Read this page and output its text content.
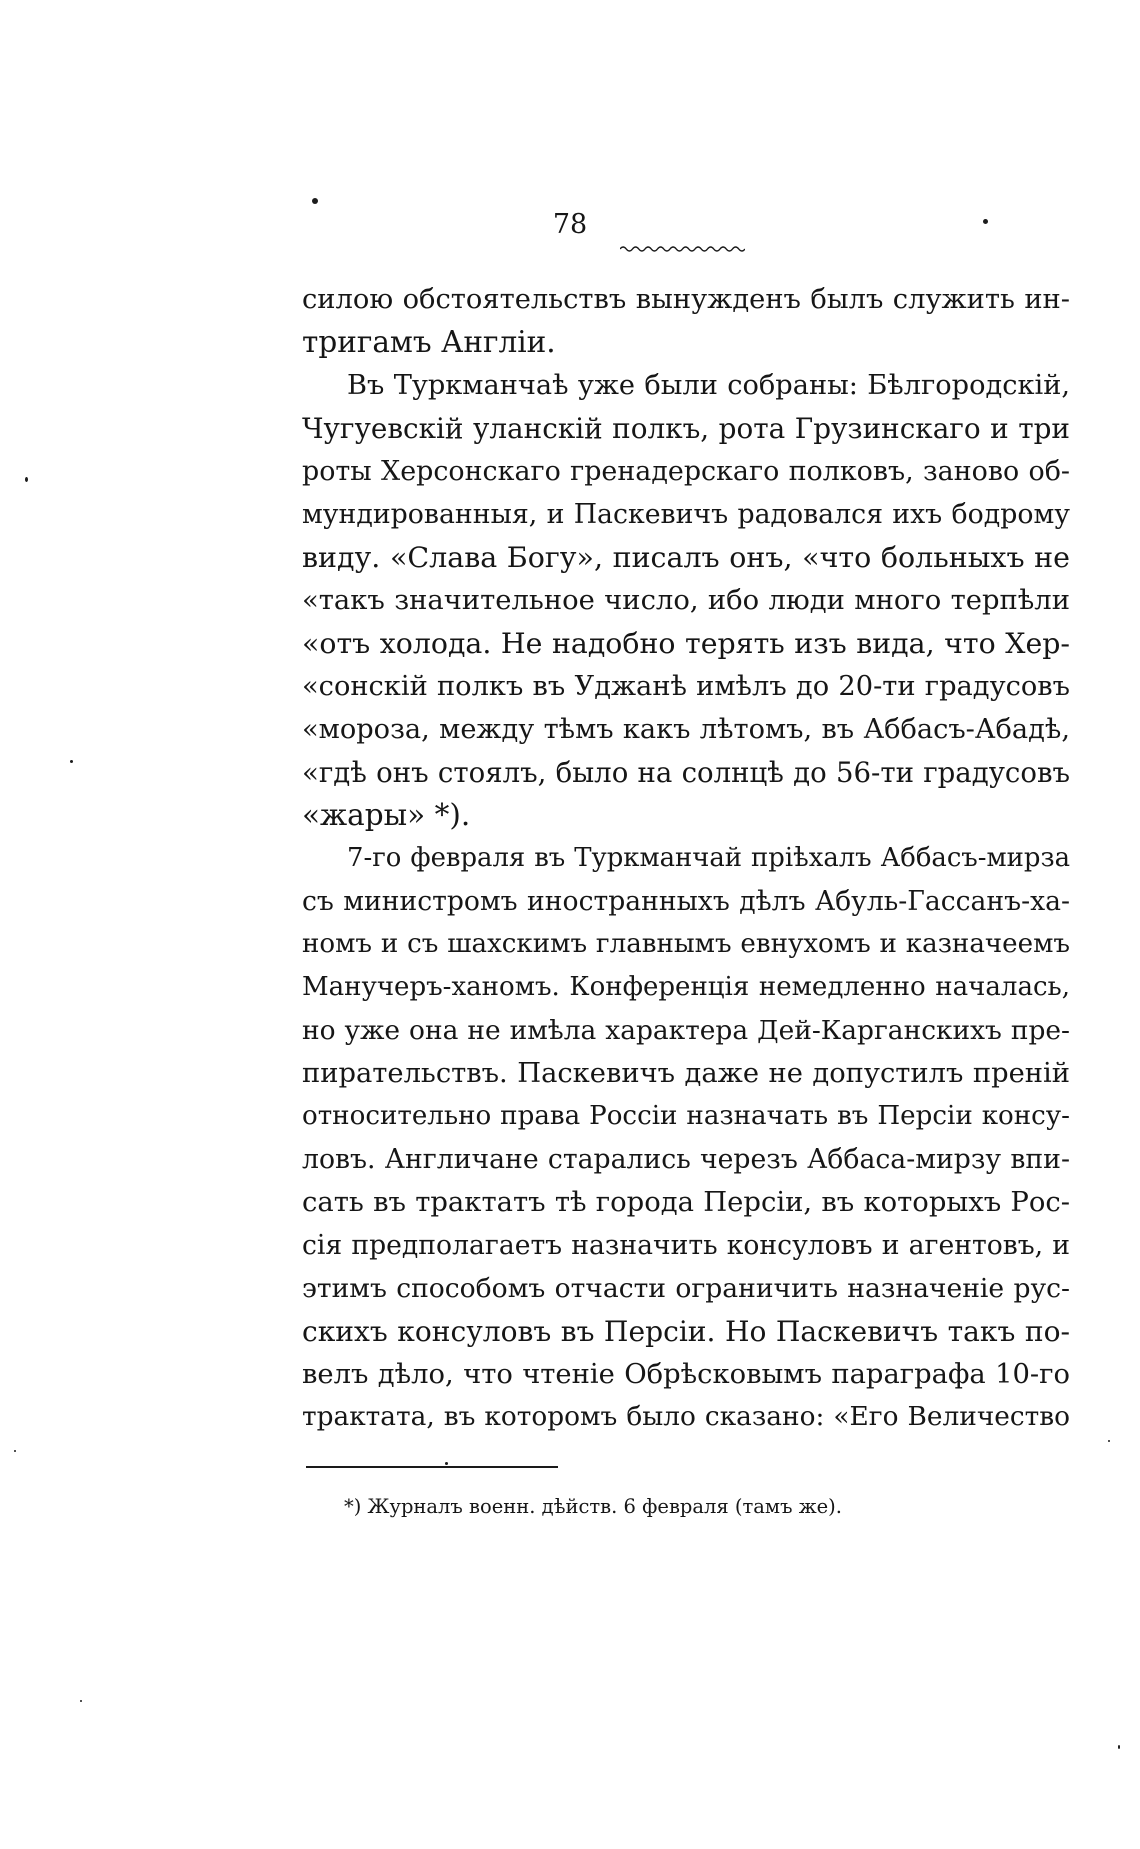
78
силою обстоятельствъ вынужденъ былъ служить ин-
тригамъ Англіи.
Въ Туркманчаѣ уже были собраны: Бѣлгородскій,
Чугуевскій уланскій полкъ, рота Грузинскаго и три
роты Херсонскаго гренадерскаго полковъ, заново об-
мундированныя, и Паскевичъ радовался ихъ бодрому
виду. «Слава Богу», писалъ онъ, «что больныхъ не
«такъ значительное число, ибо люди много терпѣли
«отъ холода. Не надобно терять изъ вида, что Хер-
«сонскій полкъ въ Уджанѣ имѣлъ до 20-ти градусовъ
«мороза, между тѣмъ какъ лѣтомъ, въ Аббасъ-Абадѣ,
«гдѣ онъ стоялъ, было на солнцѣ до 56-ти градусовъ
«жары» *).
7-го февраля въ Туркманчай пріѣхалъ Аббасъ-мирза
съ министромъ иностранныхъ дѣлъ Абуль-Гассанъ-ха-
номъ и съ шахскимъ главнымъ евнухомъ и казначеемъ
Манучеръ-ханомъ. Конференція немедленно началась,
но уже она не имѣла характера Дей-Карганскихъ пре-
пирательствъ. Паскевичъ даже не допустилъ преній
относительно права Россіи назначать въ Персіи консу-
ловъ. Англичане старались черезъ Аббаса-мирзу впи-
сать въ трактатъ тѣ города Персіи, въ которыхъ Рос-
сія предполагаетъ назначить консуловъ и агентовъ, и
этимъ способомъ отчасти ограничить назначеніе рус-
скихъ консуловъ въ Персіи. Но Паскевичъ такъ по-
велъ дѣло, что чтеніе Обрѣсковымъ параграфа 10-го
трактата, въ которомъ было сказано: «Его Величество
*) Журналъ военн. дѣйств. 6 февраля (тамъ же).
